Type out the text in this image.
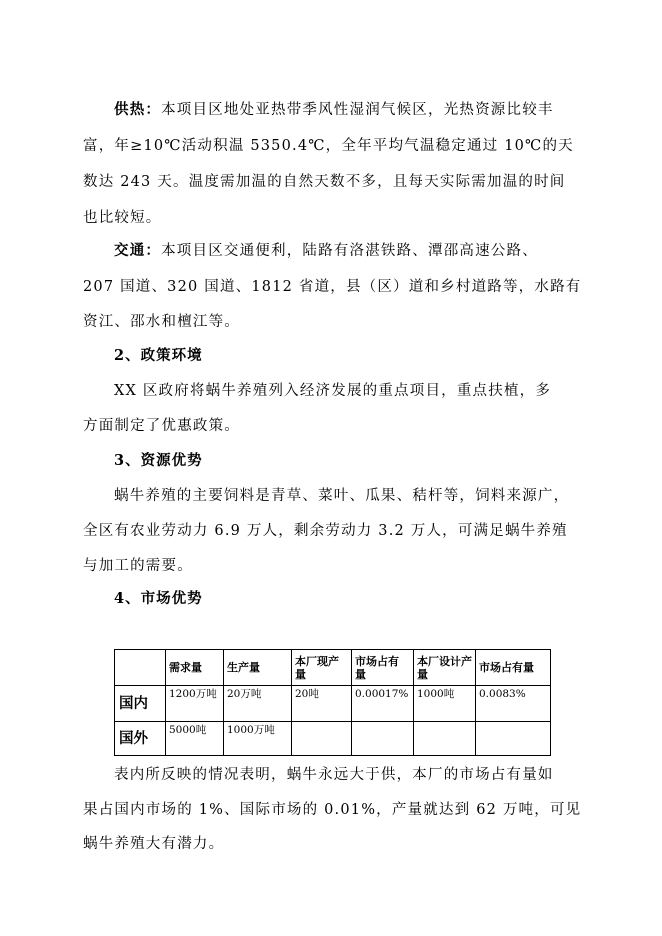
供热：本项目区地处亚热带季风性湿润气候区，光热资源比较丰
富，年≥10℃活动积温 5350.4℃，全年平均气温稳定通过 10℃的天
数达 243 天。温度需加温的自然天数不多，且每天实际需加温的时间
也比较短。
交通：本项目区交通便利，陆路有洛湛铁路、潭邵高速公路、
207 国道、320 国道、1812 省道，县（区）道和乡村道路等，水路有
资江、邵水和檀江等。
2、政策环境
XX 区政府将蜗牛养殖列入经济发展的重点项目，重点扶植，多
方面制定了优惠政策。
3、资源优势
蜗牛养殖的主要饲料是青草、菜叶、瓜果、秸杆等，饲料来源广，
全区有农业劳动力 6.9 万人，剩余劳动力 3.2 万人，可满足蜗牛养殖
与加工的需要。
4、市场优势
	需求量	生产量	本厂现产　量	市场占有　量	本厂设计产量	市场占有量
国内	1200万吨	20万吨	20吨	0.00017%	1000吨	0.0083%
国外	5000吨	1000万吨				
表内所反映的情况表明，蜗牛永远大于供，本厂的市场占有量如
果占国内市场的 1%、国际市场的 0.01%，产量就达到 62 万吨，可见
蜗牛养殖大有潜力。
